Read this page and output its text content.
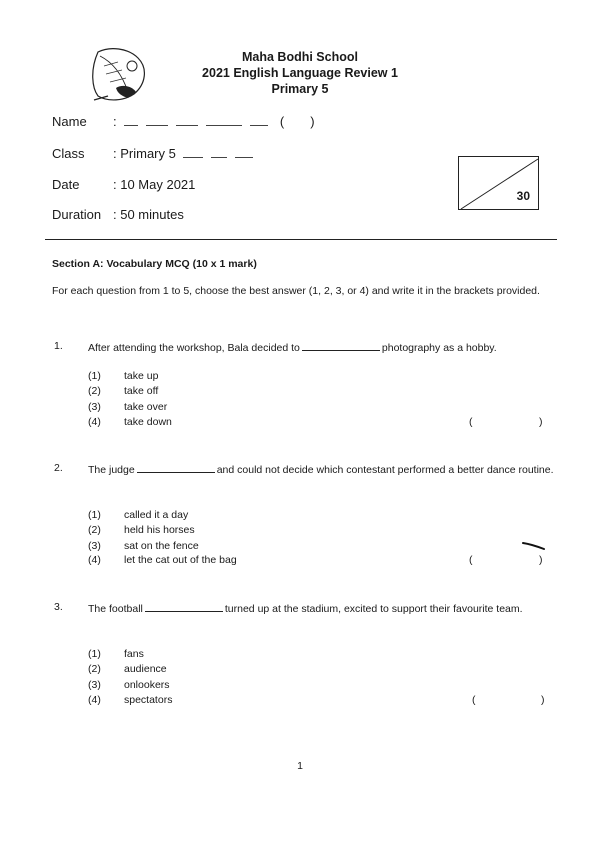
Maha Bodhi School
2021 English Language Review 1
Primary 5
Name :	( )
Class : Primary 5
Date	: 10 May 2021
Duration : 50 minutes
30
Section A: Vocabulary MCQ (10 x 1 mark)
For each question from 1 to 5, choose the best answer (1, 2, 3, or 4) and write it in the brackets provided.
1. After attending the workshop, Bala decided to	photography as a hobby.
(1) take up
(2) take off
(3) take over
(4) take down	(	)
2. The judge	and could not decide which contestant performed a better dance routine.
(1) called it a day
(2) held his horses
(3) sat on the fence
(4) let the cat out of the bag	(	)
3. The football	turned up at the stadium, excited to support their favourite team.
(1) fans
(2) audience
(3) onlookers
(4) spectators	(	)
1
